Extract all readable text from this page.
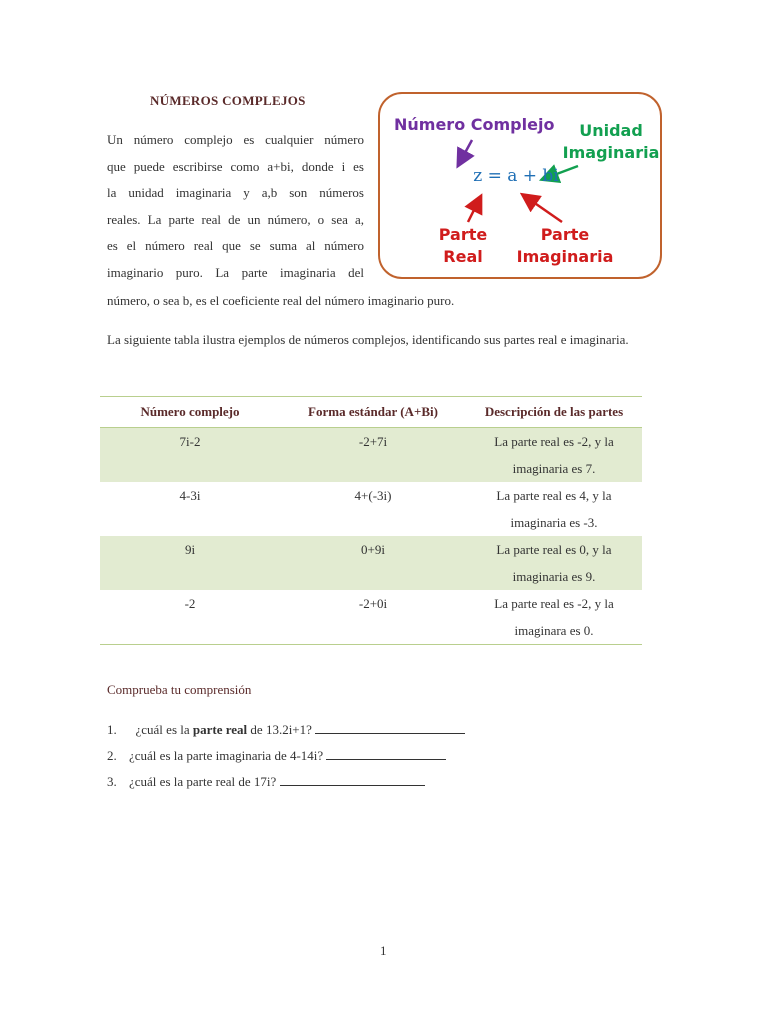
NÚMEROS COMPLEJOS
Un número complejo es cualquier número
que puede escribirse como a+bi, donde i es
la unidad imaginaria y a,b son números
reales. La parte real de un número, o sea a,
es el número real que se suma al número
imaginario puro. La parte imaginaria del
número, o sea b, es el coeficiente real del número imaginario puro.
Número Complejo	Unidad
Imaginaria
z = a + bi
Parte
Real
Parte
Imaginaria
La siguiente tabla ilustra ejemplos de números complejos, identificando sus partes real e imaginaria.
Número complejo	Forma estándar (A+Bi)	Descripción de las partes
7i-2	-2+7i	La parte real es -2, y la imaginaria es 7.
4-3i	4+(-3i)	La parte real es 4, y la imaginaria es -3.
9i	0+9i	La parte real es 0, y la imaginaria es 9.
-2	-2+0i	La parte real es -2, y la imaginara es 0.
Comprueba tu comprensión
1.  ¿cuál es la parte real de 13.2i+1?
2. ¿cuál es la parte imaginaria de 4-14i?
3. ¿cuál es la parte real de 17i?
1
